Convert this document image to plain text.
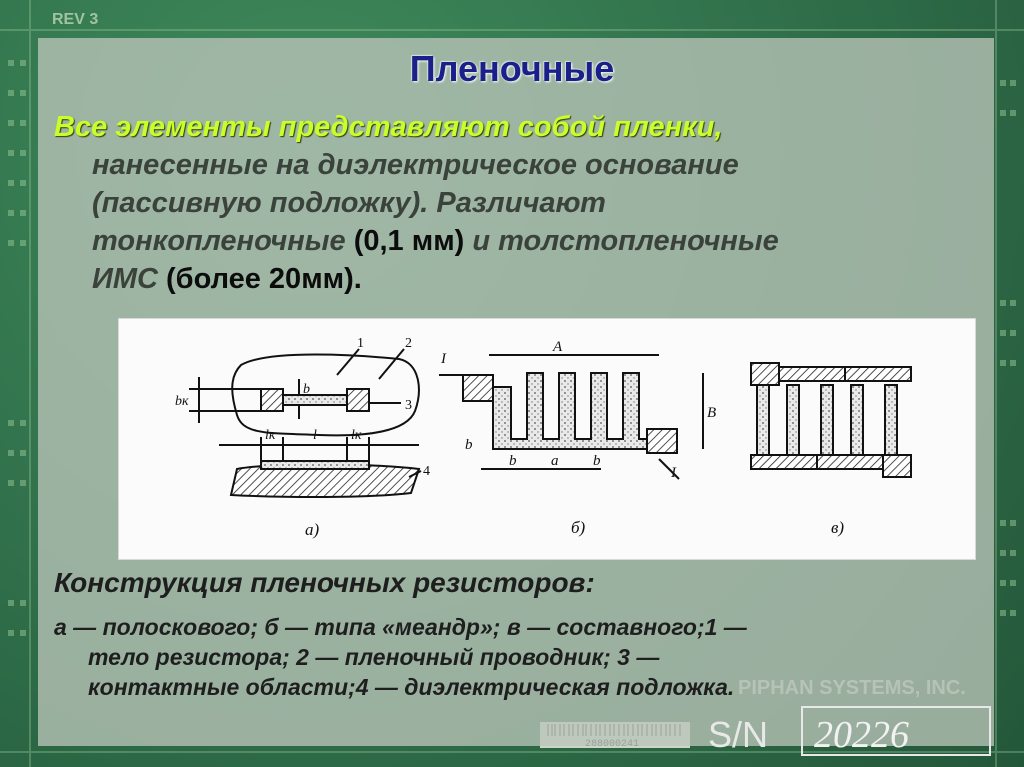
REV 3
Пленочные
Все элементы представляют собой пленки,
нанесенные на диэлектрическое основание
(пассивную подложку). Различают
тонкопленочные (0,1 мм) и толстопленочные
ИМС (более 20мм).
bк
b
1	2
3
lк	l lк
4
а)
I
A
B
b a b
b
I
б)	в)
Конструкция пленочных резисторов:
а — полоскового; б — типа «меандр»; в — составного;1 —
тело резистора; 2 — пленочный проводник; 3 —
контактные области;4 — диэлектрическая подложка.
S/N 20226
